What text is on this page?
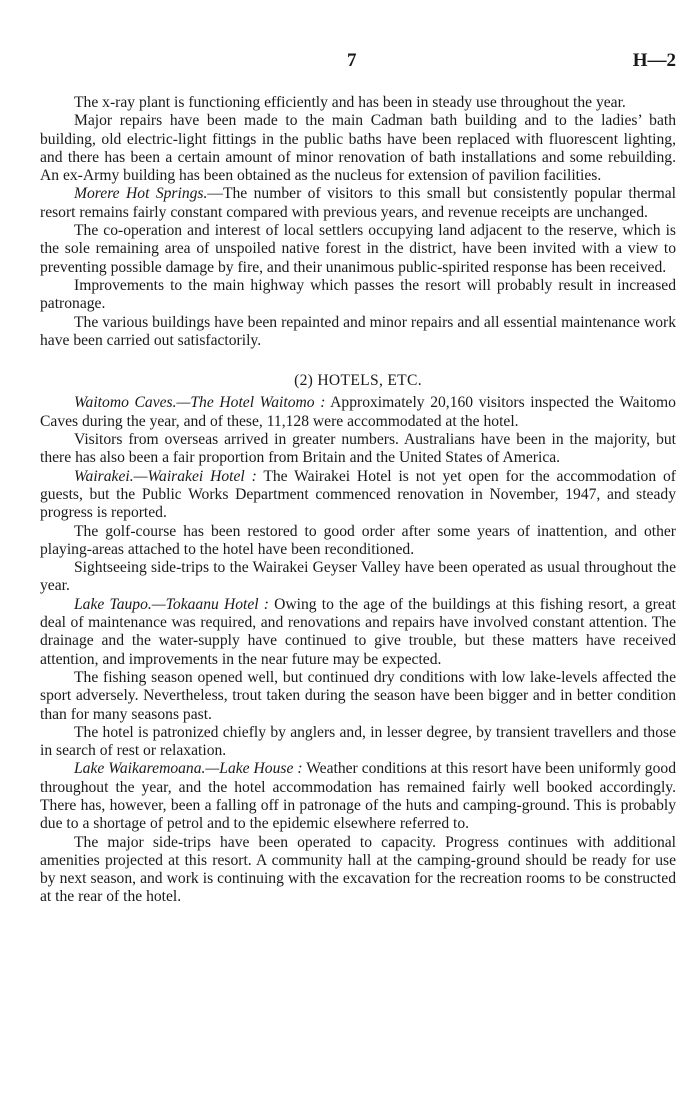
7	H—2

The x-ray plant is functioning efficiently and has been in steady use throughout the year.

Major repairs have been made to the main Cadman bath building and to the ladies’ bath building, old electric-light fittings in the public baths have been replaced with fluorescent lighting, and there has been a certain amount of minor renovation of bath installations and some rebuilding. An ex-Army building has been obtained as the nucleus for extension of pavilion facilities.

Morere Hot Springs.—The number of visitors to this small but consistently popular thermal resort remains fairly constant compared with previous years, and revenue receipts are unchanged.

The co-operation and interest of local settlers occupying land adjacent to the reserve, which is the sole remaining area of unspoiled native forest in the district, have been invited with a view to preventing possible damage by fire, and their unanimous public-spirited response has been received.

Improvements to the main highway which passes the resort will probably result in increased patronage.

The various buildings have been repainted and minor repairs and all essential maintenance work have been carried out satisfactorily.

(2) HOTELS, ETC.

Waitomo Caves.—The Hotel Waitomo : Approximately 20,160 visitors inspected the Waitomo Caves during the year, and of these, 11,128 were accommodated at the hotel.

Visitors from overseas arrived in greater numbers. Australians have been in the majority, but there has also been a fair proportion from Britain and the United States of America.

Wairakei.—Wairakei Hotel : The Wairakei Hotel is not yet open for the accommodation of guests, but the Public Works Department commenced renovation in November, 1947, and steady progress is reported.

The golf-course has been restored to good order after some years of inattention, and other playing-areas attached to the hotel have been reconditioned.

Sightseeing side-trips to the Wairakei Geyser Valley have been operated as usual throughout the year.

Lake Taupo.—Tokaanu Hotel : Owing to the age of the buildings at this fishing resort, a great deal of maintenance was required, and renovations and repairs have involved constant attention. The drainage and the water-supply have continued to give trouble, but these matters have received attention, and improvements in the near future may be expected.

The fishing season opened well, but continued dry conditions with low lake-levels affected the sport adversely. Nevertheless, trout taken during the season have been bigger and in better condition than for many seasons past.

The hotel is patronized chiefly by anglers and, in lesser degree, by transient travellers and those in search of rest or relaxation.

Lake Waikaremoana.—Lake House : Weather conditions at this resort have been uniformly good throughout the year, and the hotel accommodation has remained fairly well booked accordingly. There has, however, been a falling off in patronage of the huts and camping-ground. This is probably due to a shortage of petrol and to the epidemic elsewhere referred to.

The major side-trips have been operated to capacity. Progress continues with additional amenities projected at this resort. A community hall at the camping-ground should be ready for use by next season, and work is continuing with the excavation for the recreation rooms to be constructed at the rear of the hotel.
